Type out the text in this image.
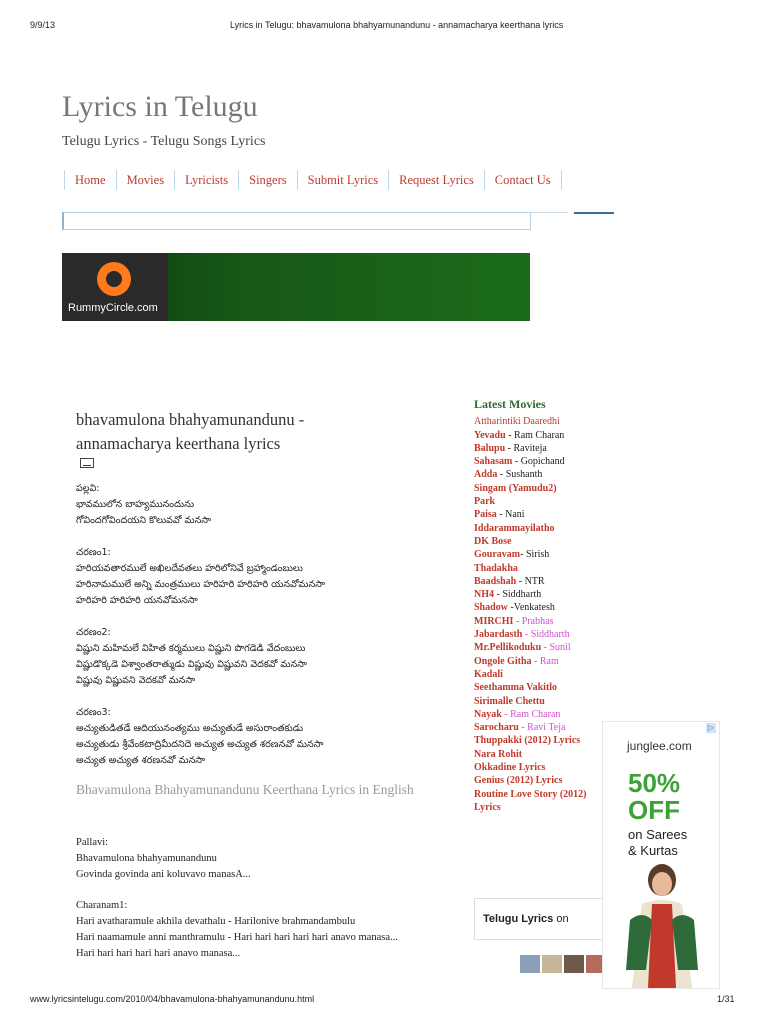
9/9/13	Lyrics in Telugu: bhavamulona bhahyamunandunu - annamacharya keerthana lyrics
www.lyricsintelugu.com/2010/04/bhavamulona-bhahyamunandunu.html	1/31
Lyrics in Telugu
Telugu Lyrics - Telugu Songs Lyrics
Home	Movies	Lyricists	Singers	Submit Lyrics	Request Lyrics	Contact Us
RummyCircle.com
bhavamulona bhahyamunandunu - annamacharya keerthana lyrics
పల్లవి:
భావములోన బాహ్యమునందును
గోవిందగోవిందయని కొలువవో మనసా
చరణం1:
హరియవతారములే అఖిలదేవతలు హరిలోనివే బ్రహ్మాండంబులు
హరినామములే అన్ని మంత్రములు హరిహరి హరిహరి యనవోమనసా
హరిహరి హరిహరి యనవోమనసా
చరణం2:
విష్ణుని మహిమలే విహిత కర్మములు విష్ణుని పొగడెడి వేదంబులు
విష్ణుడొక్కడె విశ్వాంతరాత్ముడు విష్ణువు విష్ణువని వెదకవో మనసా
విష్ణువు విష్ణువని వెదకవో మనసా
చరణం3:
అచ్యుతుడితడే ఆదియునంత్యము అచ్యుతుడే అసురాంతకుడు
అచ్యుతుడు శ్రీవేంకటాద్రిమీదనిదె అచ్యుత అచ్యుత శరణనవో మనసా
అచ్యుత అచ్యుత శరణనవో మనసా
Bhavamulona Bhahyamunandunu Keerthana Lyrics in English
Pallavi:
Bhavamulona bhahyamunandunu
Govinda govinda ani koluvavo manasA...
Charanam1:
Hari avatharamule akhila devathalu - Harilonive brahmandambulu
Hari naamamule anni manthramulu - Hari hari hari hari hari anavo manasa...
Hari hari hari hari hari anavo manasa...
Latest Movies
Attharintiki Daaredhi
Yevadu - Ram Charan
Balupu - Raviteja
Sahasam - Gopichand
Adda - Sushanth
Singam (Yamudu2)
Park
Paisa - Nani
Iddarammayilatho
DK Bose
Gouravam- Sirish
Thadakha
Baadshah - NTR
NH4 - Siddharth
Shadow -Venkatesh
MIRCHI - Prabhas
Jabardasth - Siddharth
Mr.Pellikoduku - Sunil
Ongole Githa - Ram
Kadali
Seethamma Vakitlo
Sirimalle Chettu
Nayak - Ram Charan
Sarocharu - Ravi Teja
Thuppakki (2012) Lyrics
Nara Rohit
Okkadine Lyrics
Genius (2012) Lyrics
Routine Love Story (2012) Lyrics
Telugu Lyrics on
▷
junglee.com
50%
OFF
on Sarees
& Kurtas
